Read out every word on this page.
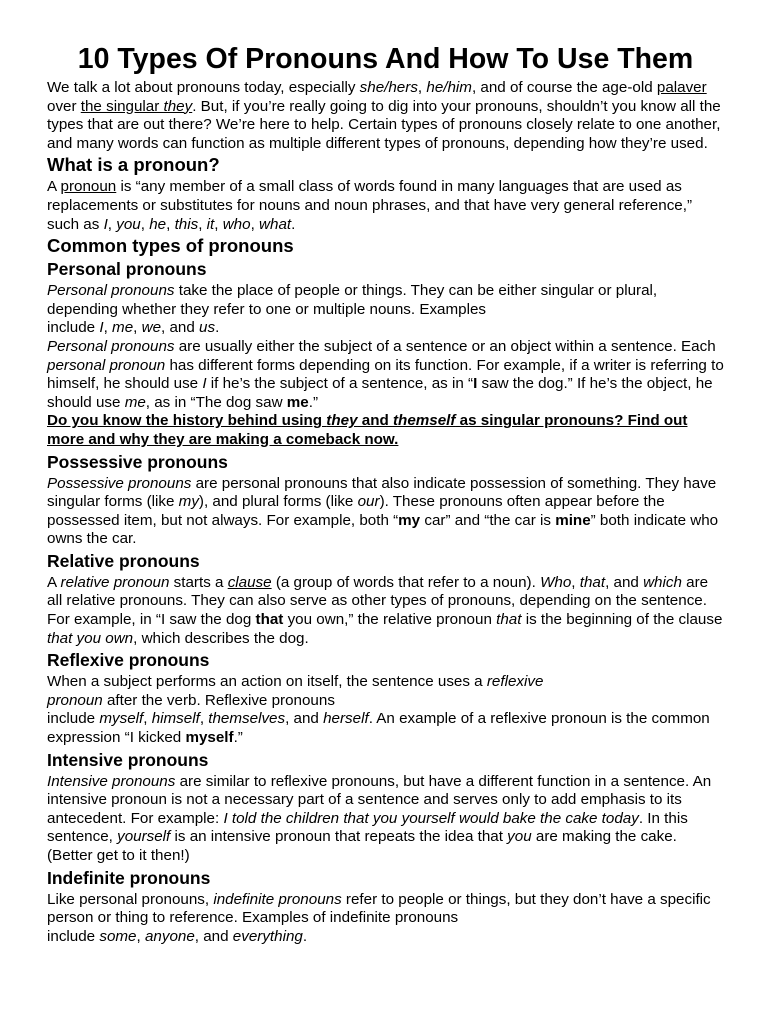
10 Types Of Pronouns And How To Use Them

We talk a lot about pronouns today, especially she/hers, he/him, and of course the age-old palaver over the singular they. But, if you’re really going to dig into your pronouns, shouldn’t you know all the types that are out there? We’re here to help. Certain types of pronouns closely relate to one another, and many words can function as multiple different types of pronouns, depending how they’re used.

What is a pronoun?

A pronoun is “any member of a small class of words found in many languages that are used as replacements or substitutes for nouns and noun phrases, and that have very general reference,” such as I, you, he, this, it, who, what.

Common types of pronouns
Personal pronouns

Personal pronouns take the place of people or things. They can be either singular or plural, depending whether they refer to one or multiple nouns. Examples
include I, me, we, and us.

Personal pronouns are usually either the subject of a sentence or an object within a sentence. Each personal pronoun has different forms depending on its function. For example, if a writer is referring to himself, he should use I if he’s the subject of a sentence, as in “I saw the dog.” If he’s the object, he should use me, as in “The dog saw me.”

Do you know the history behind using they and themself as singular pronouns? Find out more and why they are making a comeback now.

Possessive pronouns

Possessive pronouns are personal pronouns that also indicate possession of something. They have singular forms (like my), and plural forms (like our). These pronouns often appear before the possessed item, but not always. For example, both “my car” and “the car is mine” both indicate who owns the car.

Relative pronouns

A relative pronoun starts a clause (a group of words that refer to a noun). Who, that, and which are all relative pronouns. They can also serve as other types of pronouns, depending on the sentence. For example, in “I saw the dog that you own,” the relative pronoun that is the beginning of the clause that you own, which describes the dog.

Reflexive pronouns

When a subject performs an action on itself, the sentence uses a reflexive
pronoun after the verb. Reflexive pronouns
include myself, himself, themselves, and herself. An example of a reflexive pronoun is the common expression “I kicked myself.”

Intensive pronouns

Intensive pronouns are similar to reflexive pronouns, but have a different function in a sentence. An intensive pronoun is not a necessary part of a sentence and serves only to add emphasis to its antecedent. For example: I told the children that you yourself would bake the cake today. In this sentence, yourself is an intensive pronoun that repeats the idea that you are making the cake. (Better get to it then!)

Indefinite pronouns

Like personal pronouns, indefinite pronouns refer to people or things, but they don’t have a specific person or thing to reference. Examples of indefinite pronouns
include some, anyone, and everything.
